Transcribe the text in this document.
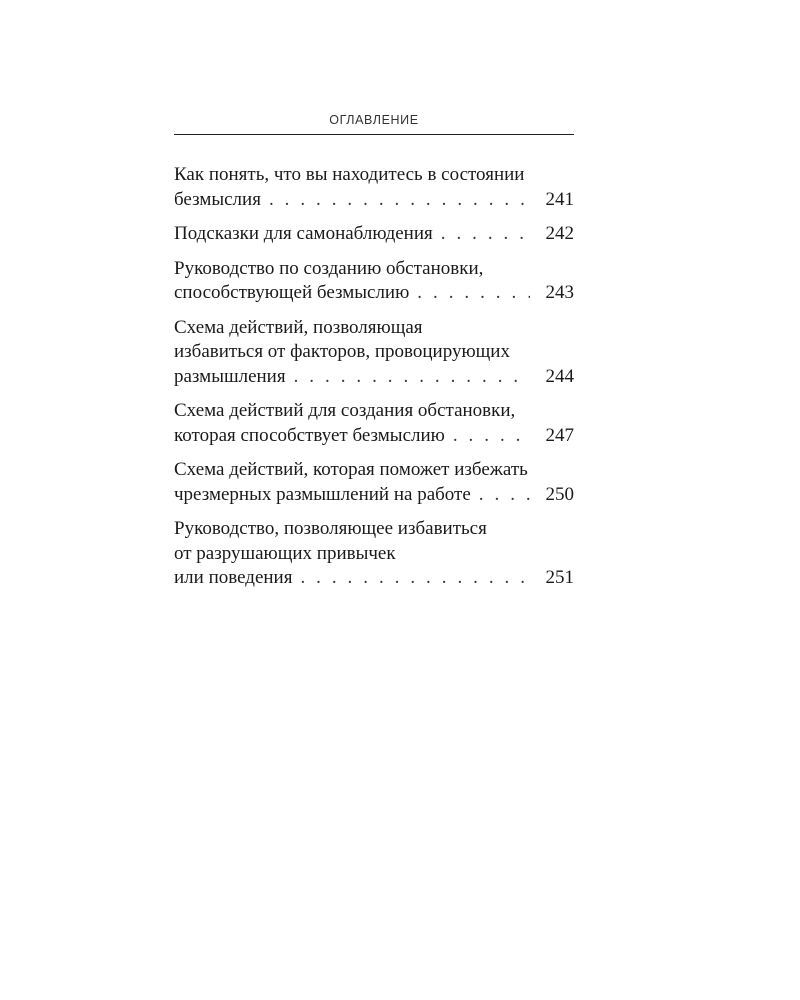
ОГЛАВЛЕНИЕ
Как понять, что вы находитесь в состоянии
безмыслия . . .	241
Подсказки для самонаблюдения . . .	242
Руководство по созданию обстановки,
способствующей безмыслию . . .	243
Схема действий, позволяющая
избавиться от факторов, провоцирующих
размышления . . .	244
Схема действий для создания обстановки,
которая способствует безмыслию . . .	247
Схема действий, которая поможет избежать
чрезмерных размышлений на работе . . .	250
Руководство, позволяющее избавиться
от разрушающих привычек
или поведения . . .	251
